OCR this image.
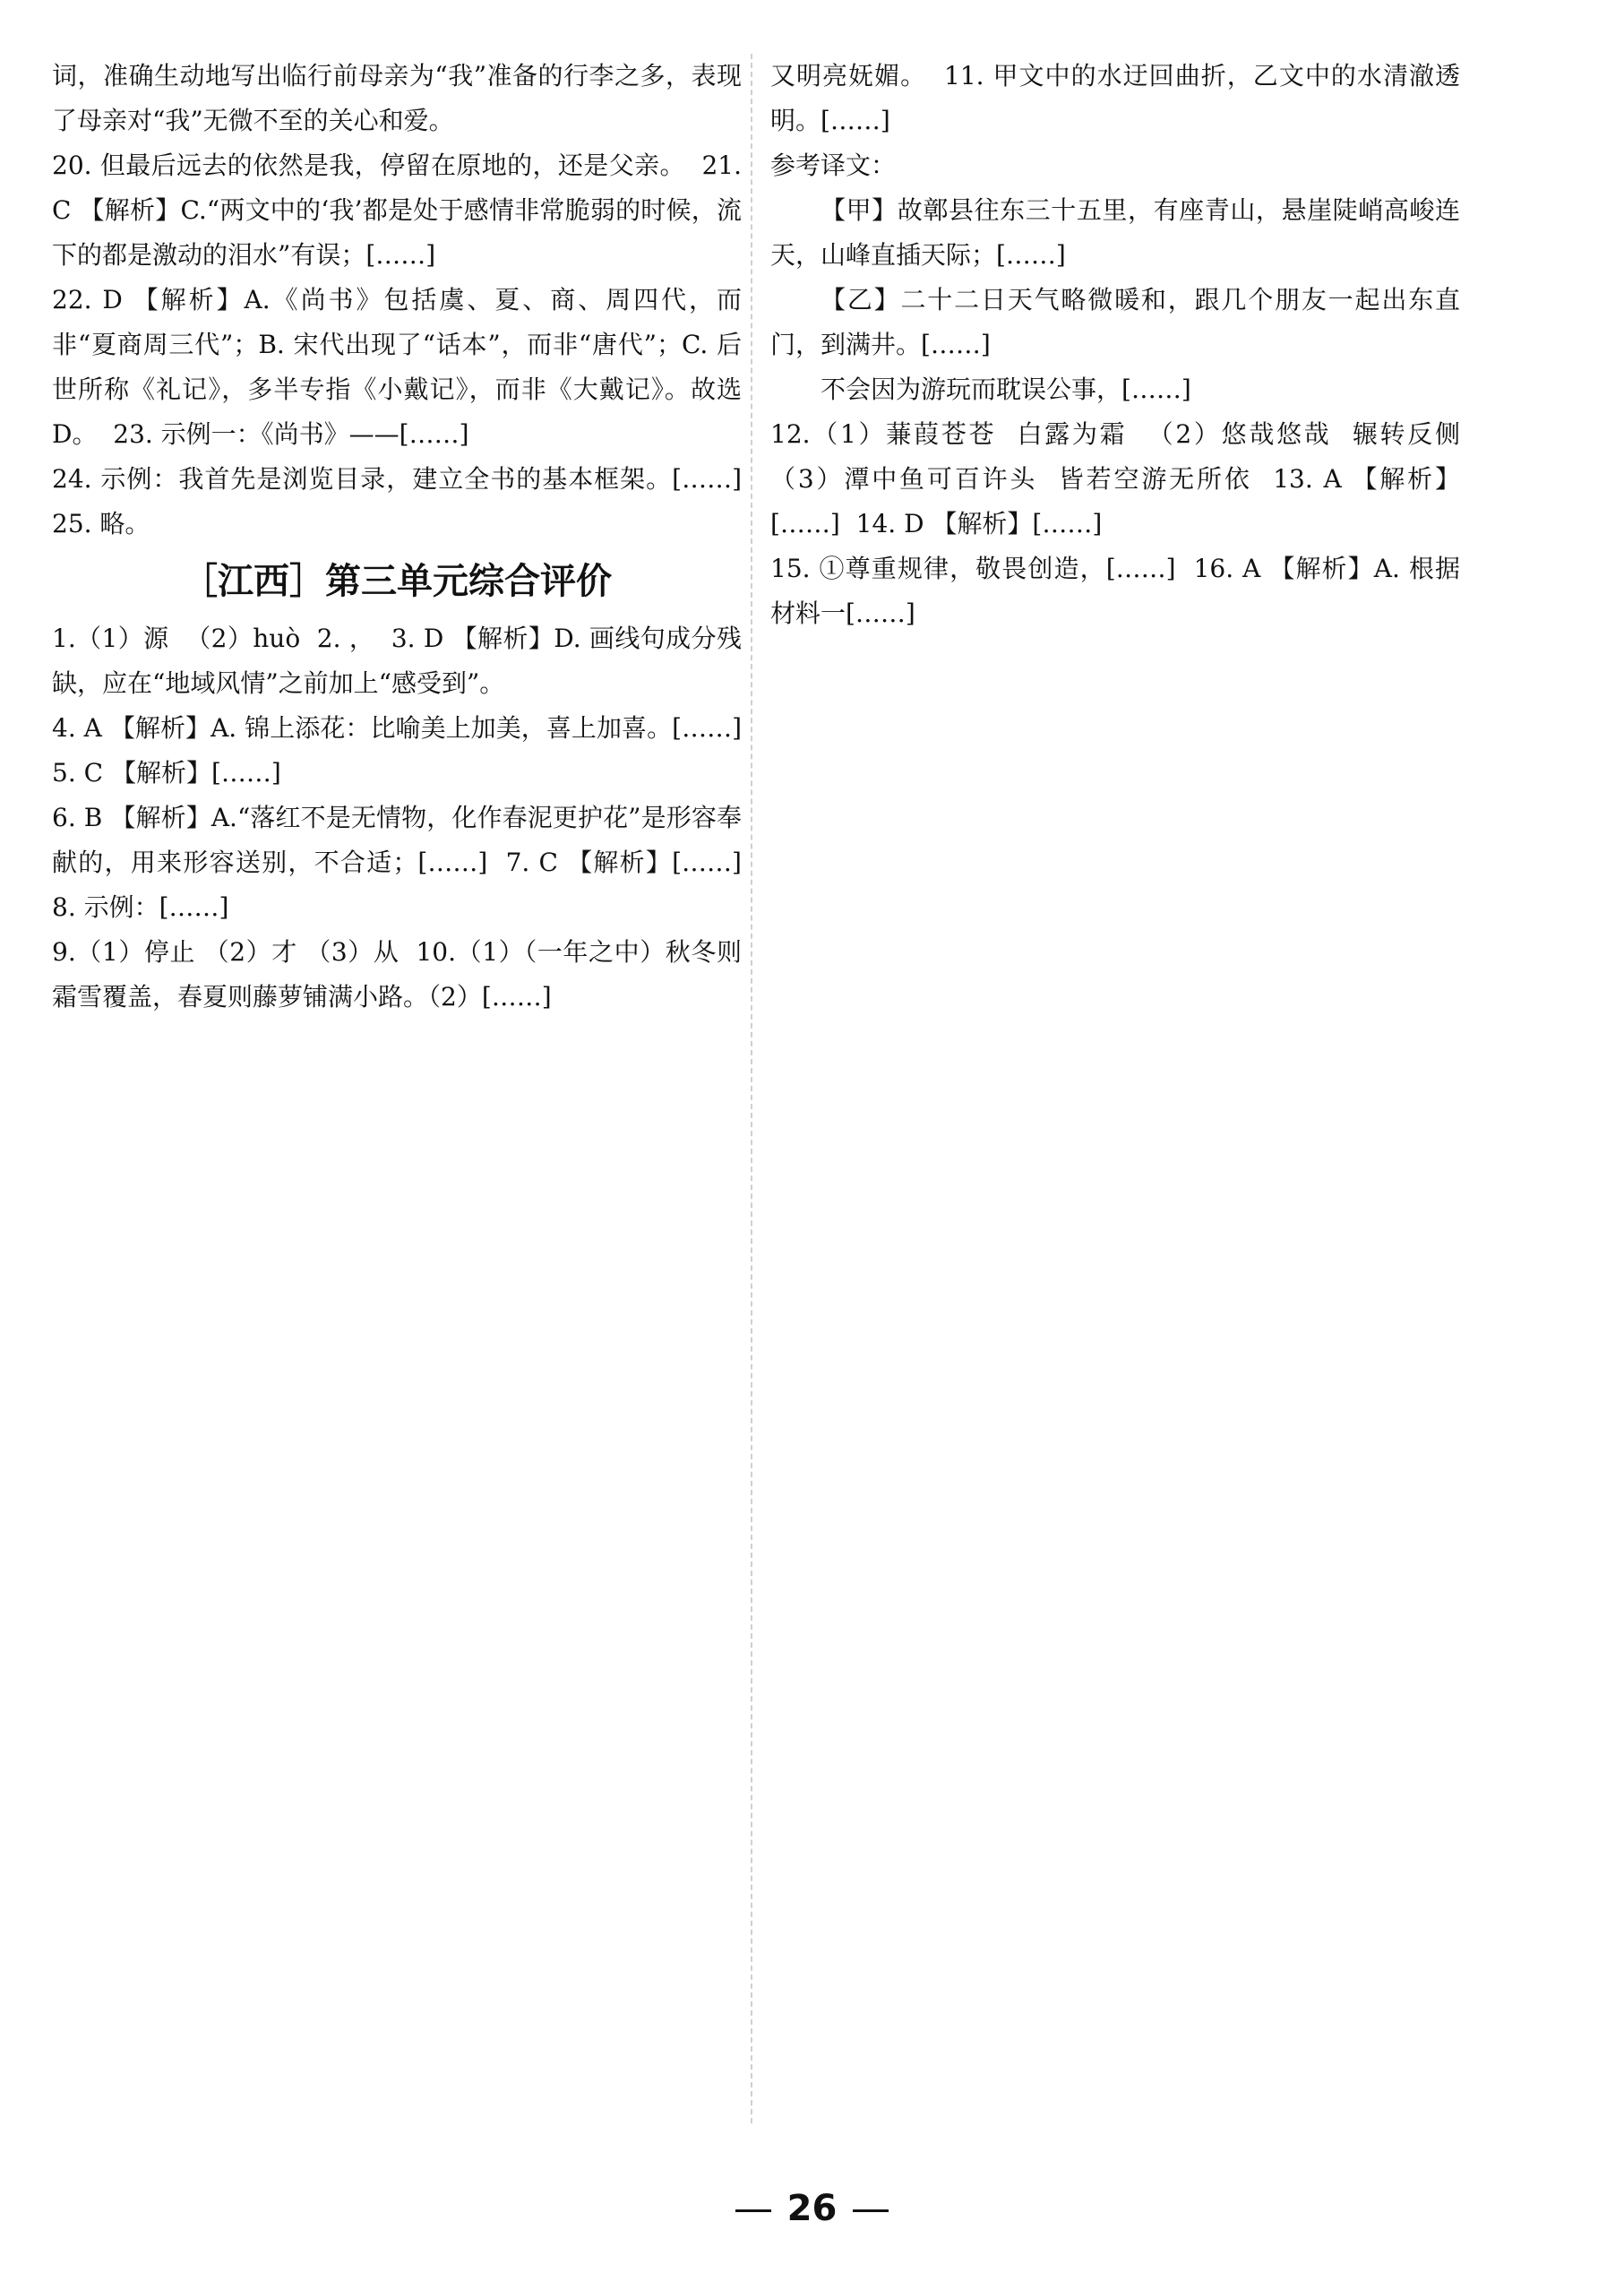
词，准确生动地写出临行前母亲为“我”准备的行李之多，表现了母亲对“我”无微不至的关心和爱。

20. 但最后远去的依然是我，停留在原地的，还是父亲。  21. C 【解析】C.“两文中的‘我’都是处于感情非常脆弱的时候，流下的都是激动的泪水”有误；[……]

22. D 【解析】A.《尚书》包括虞、夏、商、周四代，而非“夏商周三代”；B. 宋代出现了“话本”，而非“唐代”；C. 后世所称《礼记》，多半专指《小戴记》，而非《大戴记》。故选 D。  23. 示例一：《尚书》——[……]

24. 示例：我首先是浏览目录，建立全书的基本框架。[……]  25. 略。

［江西］第三单元综合评价

1.（1）源  （2）huò  2. ，  3. D 【解析】D. 画线句成分残缺，应在“地域风情”之前加上“感受到”。

4. A 【解析】A. 锦上添花：比喻美上加美，喜上加喜。[……]  5. C 【解析】[……]

6. B 【解析】A.“落红不是无情物，化作春泥更护花”是形容奉献的，用来形容送别，不合适；[……]  7. C 【解析】[……]  8. 示例：[……]

9.（1）停止 （2）才 （3）从  10.（1）（一年之中）秋冬则霜雪覆盖，春夏则藤萝铺满小路。（2）[……]

又明亮妩媚。  11. 甲文中的水迂回曲折，乙文中的水清澈透明。[……]

参考译文：

【甲】故鄣县往东三十五里，有座青山，悬崖陡峭高峻连天，山峰直插天际；[……]

【乙】二十二日天气略微暖和，跟几个朋友一起出东直门，到满井。[……]

不会因为游玩而耽误公事，[……]

12.（1）蒹葭苍苍  白露为霜  （2）悠哉悠哉  辗转反侧  （3）潭中鱼可百许头  皆若空游无所依  13. A 【解析】[……]  14. D 【解析】[……]

15. ①尊重规律，敬畏创造，[……]  16. A 【解析】A. 根据材料一[……]

26
